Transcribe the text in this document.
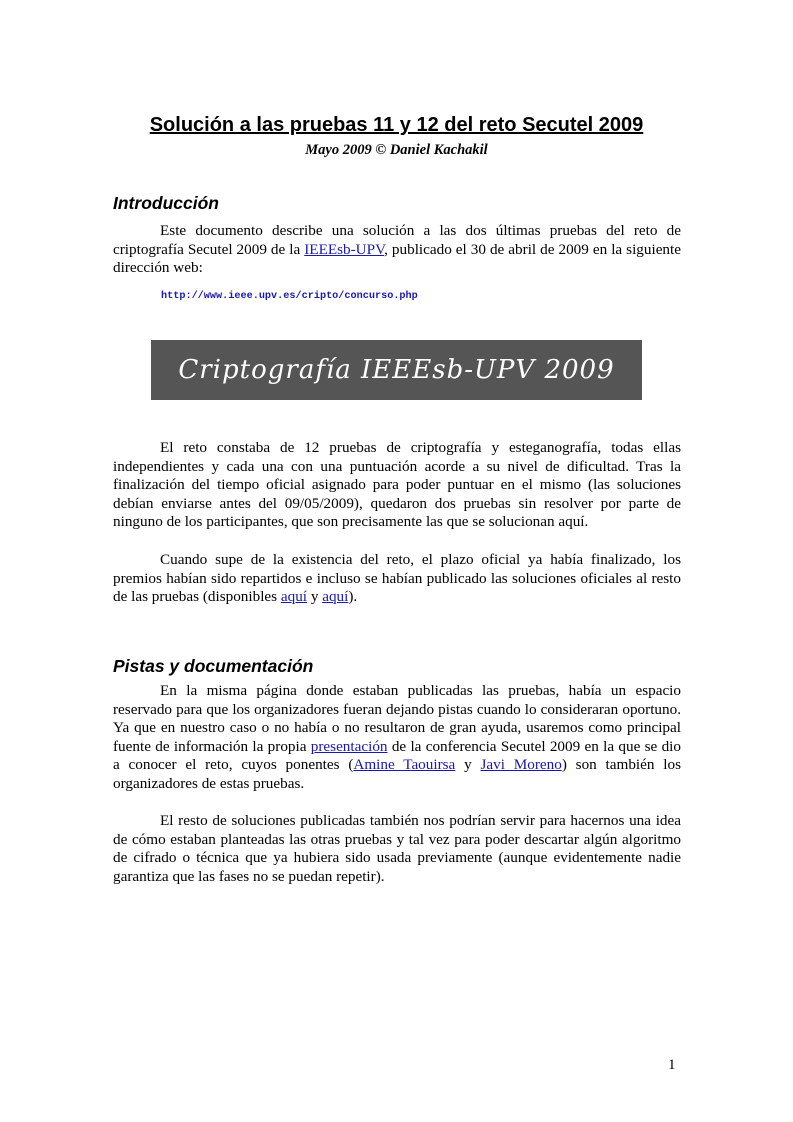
Solución a las pruebas 11 y 12 del reto Secutel 2009

Mayo 2009 © Daniel Kachakil

Introducción

Este documento describe una solución a las dos últimas pruebas del reto de criptografía Secutel 2009 de la IEEEsb-UPV, publicado el 30 de abril de 2009 en la siguiente dirección web:

http://www.ieee.upv.es/cripto/concurso.php

Criptografía IEEEsb-UPV 2009

El reto constaba de 12 pruebas de criptografía y esteganografía, todas ellas independientes y cada una con una puntuación acorde a su nivel de dificultad. Tras la finalización del tiempo oficial asignado para poder puntuar en el mismo (las soluciones debían enviarse antes del 09/05/2009), quedaron dos pruebas sin resolver por parte de ninguno de los participantes, que son precisamente las que se solucionan aquí.

Cuando supe de la existencia del reto, el plazo oficial ya había finalizado, los premios habían sido repartidos e incluso se habían publicado las soluciones oficiales al resto de las pruebas (disponibles aquí y aquí).

Pistas y documentación

En la misma página donde estaban publicadas las pruebas, había un espacio reservado para que los organizadores fueran dejando pistas cuando lo consideraran oportuno. Ya que en nuestro caso o no había o no resultaron de gran ayuda, usaremos como principal fuente de información la propia presentación de la conferencia Secutel 2009 en la que se dio a conocer el reto, cuyos ponentes (Amine Taouirsa y Javi Moreno) son también los organizadores de estas pruebas.

El resto de soluciones publicadas también nos podrían servir para hacernos una idea de cómo estaban planteadas las otras pruebas y tal vez para poder descartar algún algoritmo de cifrado o técnica que ya hubiera sido usada previamente (aunque evidentemente nadie garantiza que las fases no se puedan repetir).

1
